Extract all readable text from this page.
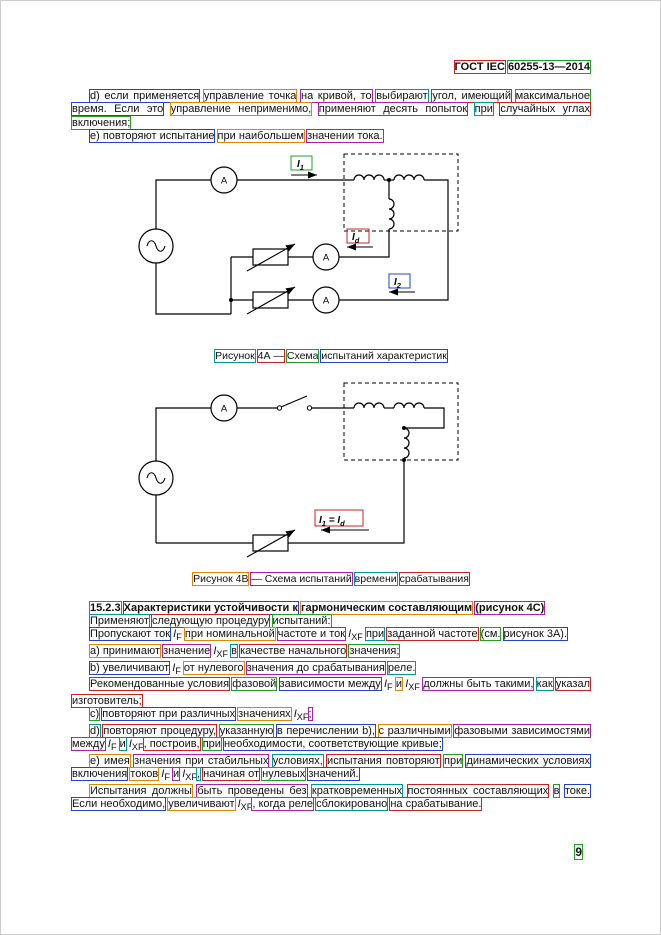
ГОСТ IEC 60255-13—2014

d) если применяется управление точка на кривой, то выбирают угол, имеющий максимальное время. Если это управление неприменимо, применяют десять попыток при случайных углах включения;

е) повторяют испытание при наибольшем значении тока.

A
A
A
$I_1$
$I_d$
$I_2$
Рисунок 4А — Схема испытаний характеристик
A
$I_1 = I_d$
Рисунок 4В — Схема испытаний времени срабатывания

15.2.3 Характеристики устойчивости к гармоническим составляющим (рисунок 4С)

Применяют следующую процедуру испытаний:

Пропускают ток $I_F$ при номинальной частоте и ток $I_{XF}$ при заданной частоте (см. рисунок 3А).

а) принимают значение $I_{XF}$ в качестве начального значения;

b) увеличивают $I_F$ от нулевого значения до срабатывания реле.

Рекомендованные условия фазовой зависимости между $I_F$ и $I_{XF}$ должны быть такими, как указал изготовитель;

с) повторяют при различных значениях $I_{XF}$;

d) повторяют процедуру, указанную в перечислении b), с различными фазовыми зависимостями между $I_F$ и $I_{XF}$, построив, при необходимости, соответствующие кривые;

е) имея значения при стабильных условиях, испытания повторяют при динамических условиях включения токов $I_F$ и $I_{XF}$, начиная от нулевых значений.

Испытания должны быть проведены без кратковременных постоянных составляющих в токе. Если необходимо, увеличивают $I_{XF}$, когда реле сблокировано на срабатывание.

9
